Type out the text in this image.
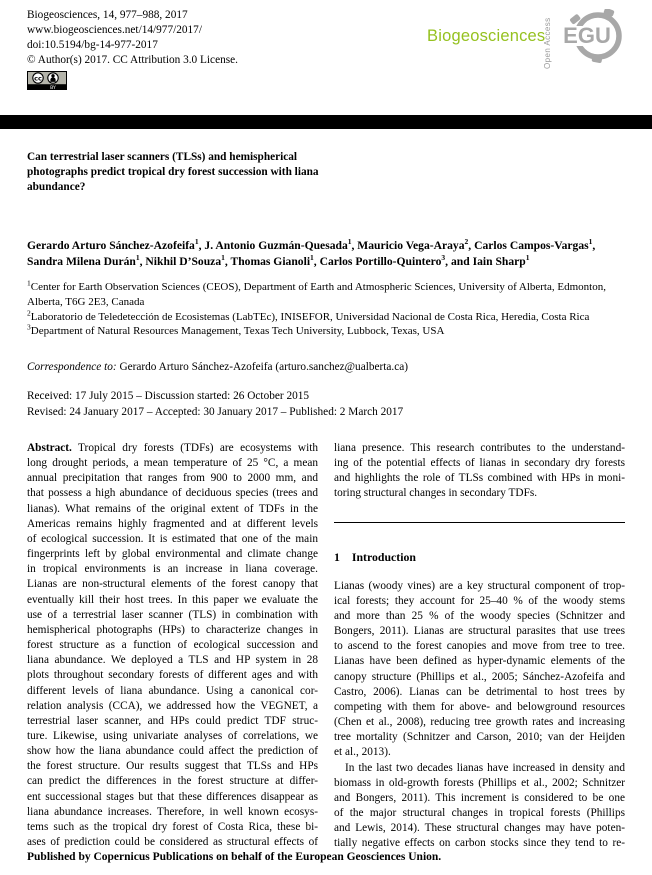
Biogeosciences, 14, 977–988, 2017
www.biogeosciences.net/14/977/2017/
doi:10.5194/bg-14-977-2017
© Author(s) 2017. CC Attribution 3.0 License.
cc
BY
Biogeosciences
Open Access EGU
Can terrestrial laser scanners (TLSs) and hemispherical
photographs predict tropical dry forest succession with liana
abundance?
Gerardo Arturo Sánchez-Azofeifa$^1$, J. Antonio Guzmán-Quesada$^1$, Mauricio Vega-Araya$^2$, Carlos Campos-Vargas$^1$, Sandra Milena Durán$^1$, Nikhil D’Souza$^1$, Thomas Gianoli$^1$, Carlos Portillo-Quintero$^3$, and Iain Sharp$^1$
$^1$Center for Earth Observation Sciences (CEOS), Department of Earth and Atmospheric Sciences, University of Alberta, Edmonton, Alberta, T6G 2E3, Canada
$^2$Laboratorio de Teledetección de Ecosistemas (LabTEc), INISEFOR, Universidad Nacional de Costa Rica, Heredia, Costa Rica
$^3$Department of Natural Resources Management, Texas Tech University, Lubbock, Texas, USA

Correspondence to: Gerardo Arturo Sánchez-Azofeifa (arturo.sanchez@ualberta.ca)

Received: 17 July 2015 – Discussion started: 26 October 2015
Revised: 24 January 2017 – Accepted: 30 January 2017 – Published: 2 March 2017
Abstract. Tropical dry forests (TDFs) are ecosystems with
long drought periods, a mean temperature of 25 °C, a mean
annual precipitation that ranges from 900 to 2000 mm, and
that possess a high abundance of deciduous species (trees and
lianas). What remains of the original extent of TDFs in the
Americas remains highly fragmented and at different levels
of ecological succession. It is estimated that one of the main
fingerprints left by global environmental and climate change
in tropical environments is an increase in liana coverage.
Lianas are non-structural elements of the forest canopy that
eventually kill their host trees. In this paper we evaluate the
use of a terrestrial laser scanner (TLS) in combination with
hemispherical photographs (HPs) to characterize changes in
forest structure as a function of ecological succession and
liana abundance. We deployed a TLS and HP system in 28
plots throughout secondary forests of different ages and with
different levels of liana abundance. Using a canonical cor-
relation analysis (CCA), we addressed how the VEGNET, a
terrestrial laser scanner, and HPs could predict TDF struc-
ture. Likewise, using univariate analyses of correlations, we
show how the liana abundance could affect the prediction of
the forest structure. Our results suggest that TLSs and HPs
can predict the differences in the forest structure at differ-
ent successional stages but that these differences disappear as
liana abundance increases. Therefore, in well known ecosys-
tems such as the tropical dry forest of Costa Rica, these bi-
ases of prediction could be considered as structural effects of
liana presence. This research contributes to the understand-
ing of the potential effects of lianas in secondary dry forests
and highlights the role of TLSs combined with HPs in moni-
toring structural changes in secondary TDFs.
1 Introduction
Lianas (woody vines) are a key structural component of trop-
ical forests; they account for 25–40 % of the woody stems
and more than 25 % of the woody species (Schnitzer and
Bongers, 2011). Lianas are structural parasites that use trees
to ascend to the forest canopies and move from tree to tree.
Lianas have been defined as hyper-dynamic elements of the
canopy structure (Phillips et al., 2005; Sánchez-Azofeifa and
Castro, 2006). Lianas can be detrimental to host trees by
competing with them for above- and belowground resources
(Chen et al., 2008), reducing tree growth rates and increasing
tree mortality (Schnitzer and Carson, 2010; van der Heijden
et al., 2013).
In the last two decades lianas have increased in density and
biomass in old-growth forests (Phillips et al., 2002; Schnitzer
and Bongers, 2011). This increment is considered to be one
of the major structural changes in tropical forests (Phillips
and Lewis, 2014). These structural changes may have poten-
tially negative effects on carbon stocks since they tend to re-
Published by Copernicus Publications on behalf of the European Geosciences Union.
